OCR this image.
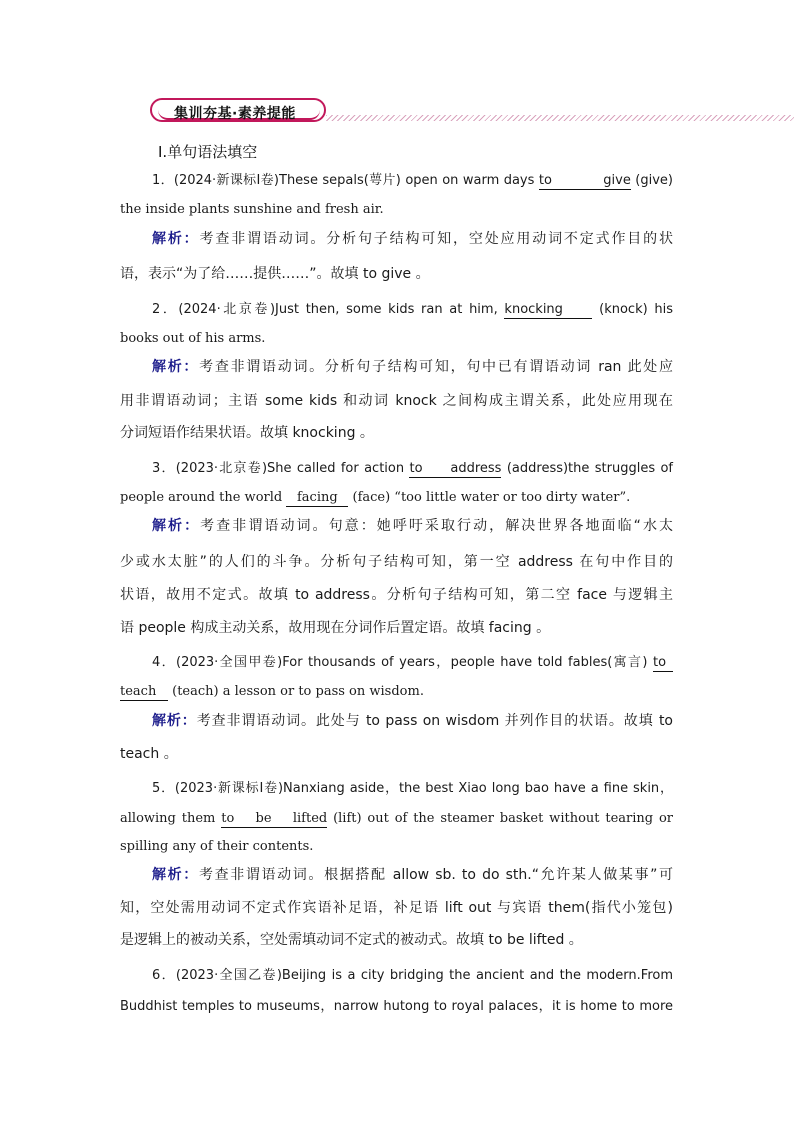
集训夯基·素养提能
Ⅰ.单句语法填空
1．(2024·新课标Ⅰ卷)These sepals(萼片) open on warm days to give (give)
the inside plants sunshine and fresh air.
解析：考查非谓语动词。分析句子结构可知，空处应用动词不定式作目的状
语，表示“为了给……提供……”。故填 to give 。
2．(2024·北京卷)Just then, some kids ran at him, knocking	(knock) his
books out of his arms.
解析：考查非谓语动词。分析句子结构可知，句中已有谓语动词 ran 此处应
用非谓语动词；主语 some kids 和动词 knock 之间构成主谓关系，此处应用现在
分词短语作结果状语。故填 knocking 。
3．(2023·北京卷)She called for action to address (address)the struggles of
people around the world facing (face) “too little water or too dirty water”.
解析：考查非谓语动词。句意：她呼吁采取行动，解决世界各地面临“水太
少或水太脏”的人们的斗争。分析句子结构可知，第一空 address 在句中作目的
状语，故用不定式。故填 to address。分析句子结构可知，第二空 face 与逻辑主
语 people 构成主动关系，故用现在分词作后置定语。故填 facing 。
4．(2023·全国甲卷)For thousands of years，people have told fables(寓言) to
teach (teach) a lesson or to pass on wisdom.
解析：考查非谓语动词。此处与 to pass on wisdom 并列作目的状语。故填 to
teach 。
5．(2023·新课标Ⅰ卷)Nanxiang aside，the best Xiao long bao have a fine skin，
allowing them to be lifted (lift) out of the steamer basket without tearing or
spilling any of their contents.
解析：考查非谓语动词。根据搭配 allow sb. to do sth.“允许某人做某事”可
知，空处需用动词不定式作宾语补足语，补足语 lift out 与宾语 them(指代小笼包)
是逻辑上的被动关系，空处需填动词不定式的被动式。故填 to be lifted 。
6．(2023·全国乙卷)Beijing is a city bridging the ancient and the modern.From
Buddhist temples to museums，narrow hutong to royal palaces，it is home to more
